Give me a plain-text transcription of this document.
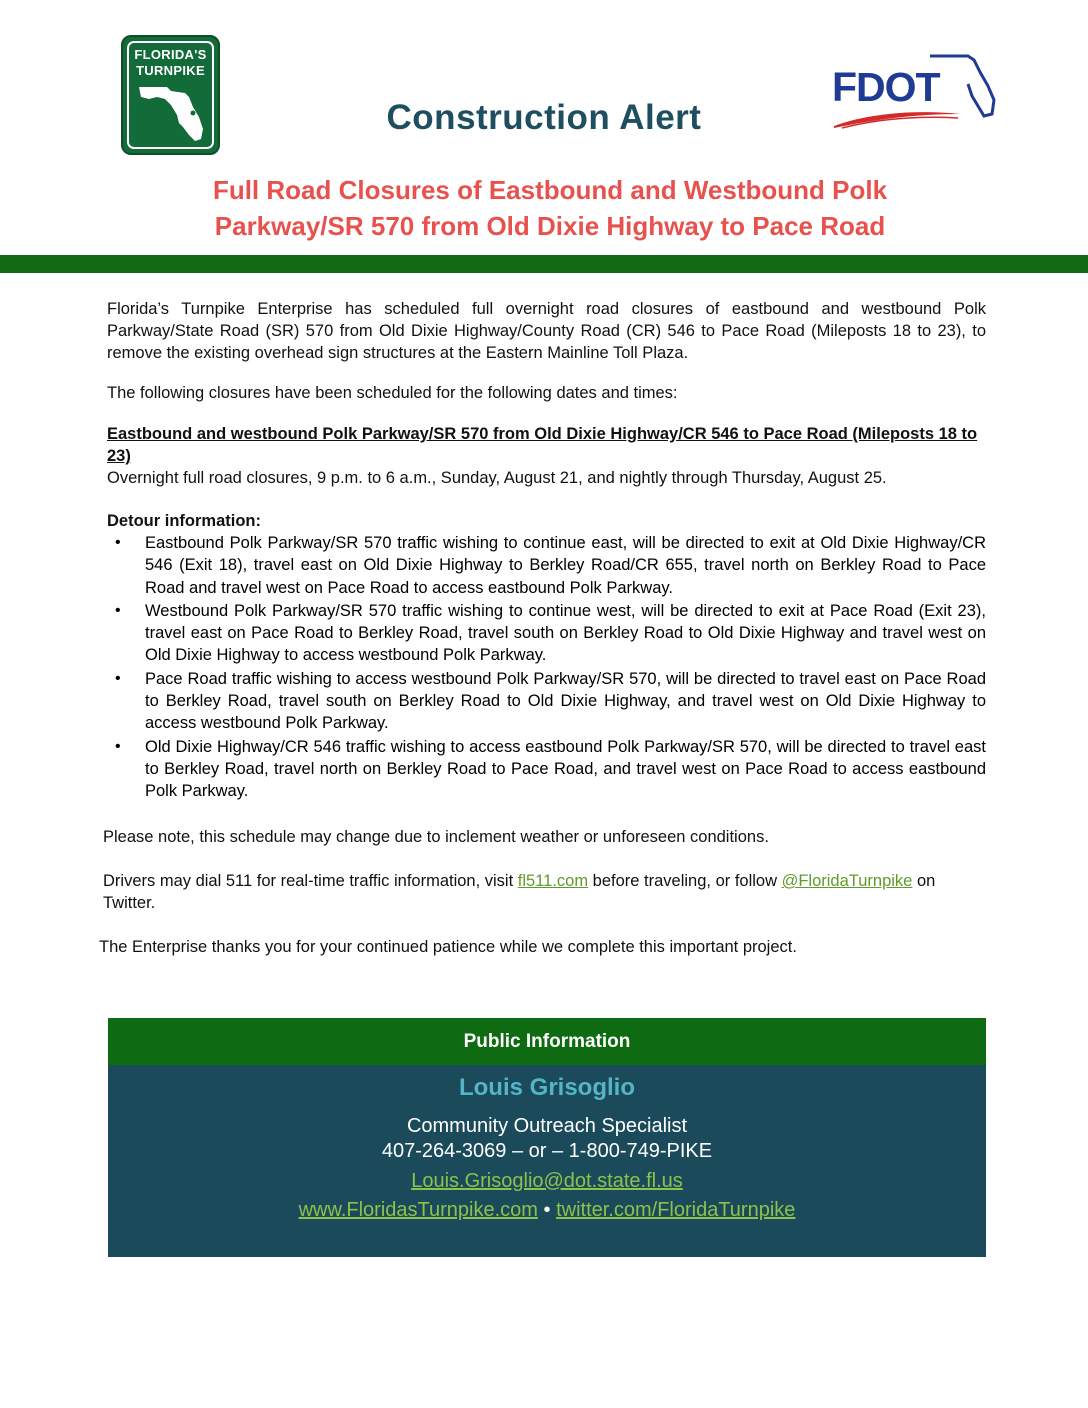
FLORIDA'S
TURNPIKE	FDOT
Construction Alert
Full Road Closures of Eastbound and Westbound Polk Parkway/SR 570 from Old Dixie Highway to Pace Road
Florida’s Turnpike Enterprise has scheduled full overnight road closures of eastbound and westbound Polk Parkway/State Road (SR) 570 from Old Dixie Highway/County Road (CR) 546 to Pace Road (Mileposts 18 to 23), to remove the existing overhead sign structures at the Eastern Mainline Toll Plaza.
The following closures have been scheduled for the following dates and times:
Eastbound and westbound Polk Parkway/SR 570 from Old Dixie Highway/CR 546 to Pace Road (Mileposts 18 to 23)
Overnight full road closures, 9 p.m. to 6 a.m., Sunday, August 21, and nightly through Thursday, August 25.
Detour information:
• Eastbound Polk Parkway/SR 570 traffic wishing to continue east, will be directed to exit at Old Dixie Highway/CR 546 (Exit 18), travel east on Old Dixie Highway to Berkley Road/CR 655, travel north on Berkley Road to Pace Road and travel west on Pace Road to access eastbound Polk Parkway.
• Westbound Polk Parkway/SR 570 traffic wishing to continue west, will be directed to exit at Pace Road (Exit 23), travel east on Pace Road to Berkley Road, travel south on Berkley Road to Old Dixie Highway and travel west on Old Dixie Highway to access westbound Polk Parkway.
• Pace Road traffic wishing to access westbound Polk Parkway/SR 570, will be directed to travel east on Pace Road to Berkley Road, travel south on Berkley Road to Old Dixie Highway, and travel west on Old Dixie Highway to access westbound Polk Parkway.
• Old Dixie Highway/CR 546 traffic wishing to access eastbound Polk Parkway/SR 570, will be directed to travel east to Berkley Road, travel north on Berkley Road to Pace Road, and travel west on Pace Road to access eastbound Polk Parkway.
Please note, this schedule may change due to inclement weather or unforeseen conditions.
Drivers may dial 511 for real-time traffic information, visit fl511.com before traveling, or follow @FloridaTurnpike on Twitter.
The Enterprise thanks you for your continued patience while we complete this important project.
Public Information
Louis Grisoglio
Community Outreach Specialist
407-264-3069 – or – 1-800-749-PIKE
Louis.Grisoglio@dot.state.fl.us
www.FloridasTurnpike.com • twitter.com/FloridaTurnpike
